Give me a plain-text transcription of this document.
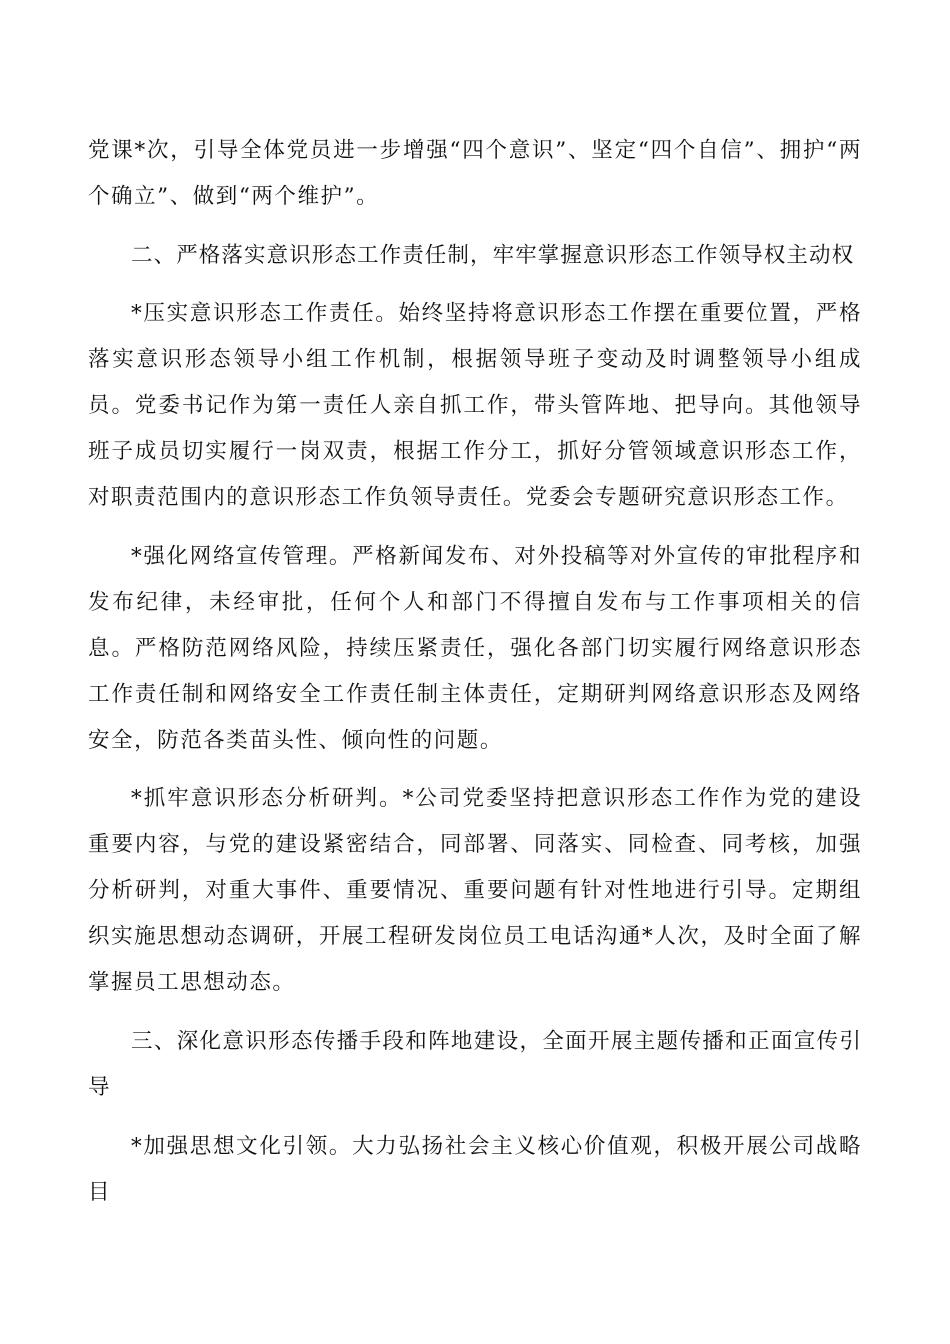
党课*次，引导全体党员进一步增强“四个意识”、坚定“四个自信”、拥护“两个确立”、做到“两个维护”。

二、严格落实意识形态工作责任制，牢牢掌握意识形态工作领导权主动权

*压实意识形态工作责任。始终坚持将意识形态工作摆在重要位置，严格落实意识形态领导小组工作机制，根据领导班子变动及时调整领导小组成员。党委书记作为第一责任人亲自抓工作，带头管阵地、把导向。其他领导班子成员切实履行一岗双责，根据工作分工，抓好分管领域意识形态工作，对职责范围内的意识形态工作负领导责任。党委会专题研究意识形态工作。

*强化网络宣传管理。严格新闻发布、对外投稿等对外宣传的审批程序和发布纪律，未经审批，任何个人和部门不得擅自发布与工作事项相关的信息。严格防范网络风险，持续压紧责任，强化各部门切实履行网络意识形态工作责任制和网络安全工作责任制主体责任，定期研判网络意识形态及网络安全，防范各类苗头性、倾向性的问题。

*抓牢意识形态分析研判。*公司党委坚持把意识形态工作作为党的建设重要内容，与党的建设紧密结合，同部署、同落实、同检查、同考核，加强分析研判，对重大事件、重要情况、重要问题有针对性地进行引导。定期组织实施思想动态调研，开展工程研发岗位员工电话沟通*人次，及时全面了解掌握员工思想动态。

三、深化意识形态传播手段和阵地建设，全面开展主题传播和正面宣传引导

*加强思想文化引领。大力弘扬社会主义核心价值观，积极开展公司战略目
